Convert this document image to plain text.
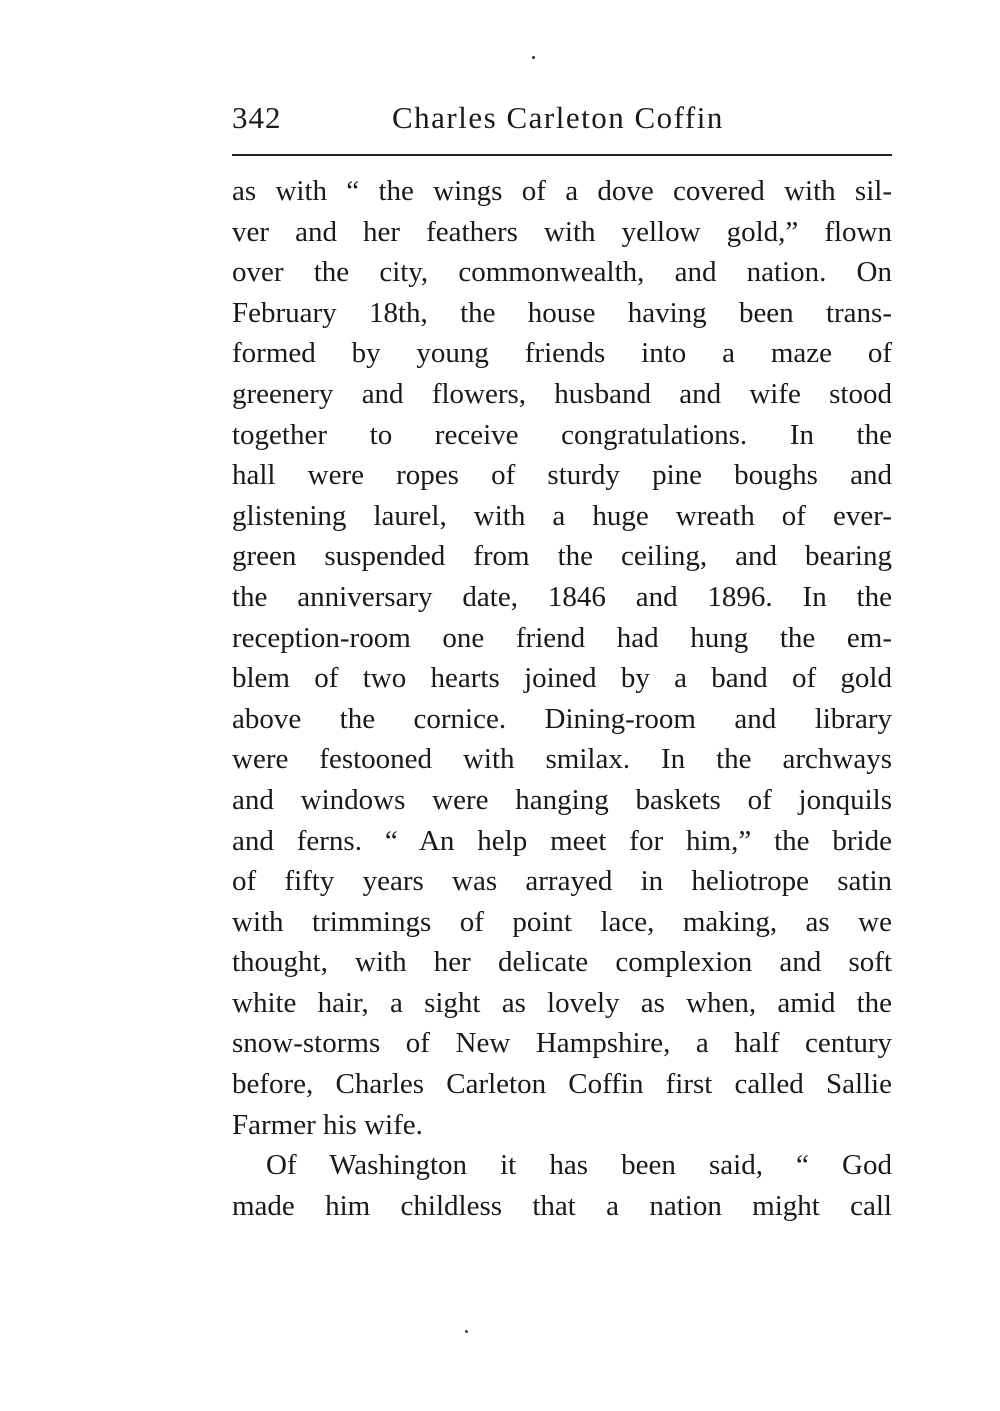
342	Charles Carleton Coffin
as with “ the wings of a dove covered with sil-
ver and her feathers with yellow gold,” flown
over the city, commonwealth, and nation. On
February 18th, the house having been trans-
formed by young friends into a maze of
greenery and flowers, husband and wife stood
together to receive congratulations. In the
hall were ropes of sturdy pine boughs and
glistening laurel, with a huge wreath of ever-
green suspended from the ceiling, and bearing
the anniversary date, 1846 and 1896. In the
reception-room one friend had hung the em-
blem of two hearts joined by a band of gold
above the cornice. Dining-room and library
were festooned with smilax. In the archways
and windows were hanging baskets of jonquils
and ferns. “ An help meet for him,” the bride
of fifty years was arrayed in heliotrope satin
with trimmings of point lace, making, as we
thought, with her delicate complexion and soft
white hair, a sight as lovely as when, amid the
snow-storms of New Hampshire, a half century
before, Charles Carleton Coffin first called Sallie
Farmer his wife.
Of Washington it has been said, “ God
made him childless that a nation might call
